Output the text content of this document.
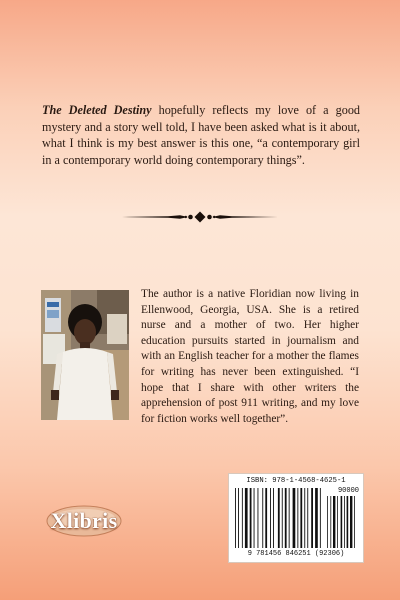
The Deleted Destiny hopefully reflects my love of a good mystery and a story well told, I have been asked what is it about, what I think is my best answer is this one, “a contemporary girl in a contemporary world doing contemporary things”.
The author is a native Floridian now living in Ellenwood, Georgia, USA. She is a retired nurse and a mother of two. Her higher education pursuits started in journalism and with an English teacher for a mother the flames for writing has never been extinguished. “I hope that I share with other writers the apprehension of post 911 writing, and my love for fiction works well together”.
Xlibris
ISBN: 978-1-4568-4625-1
90000
9 781456 846251 (92306)
